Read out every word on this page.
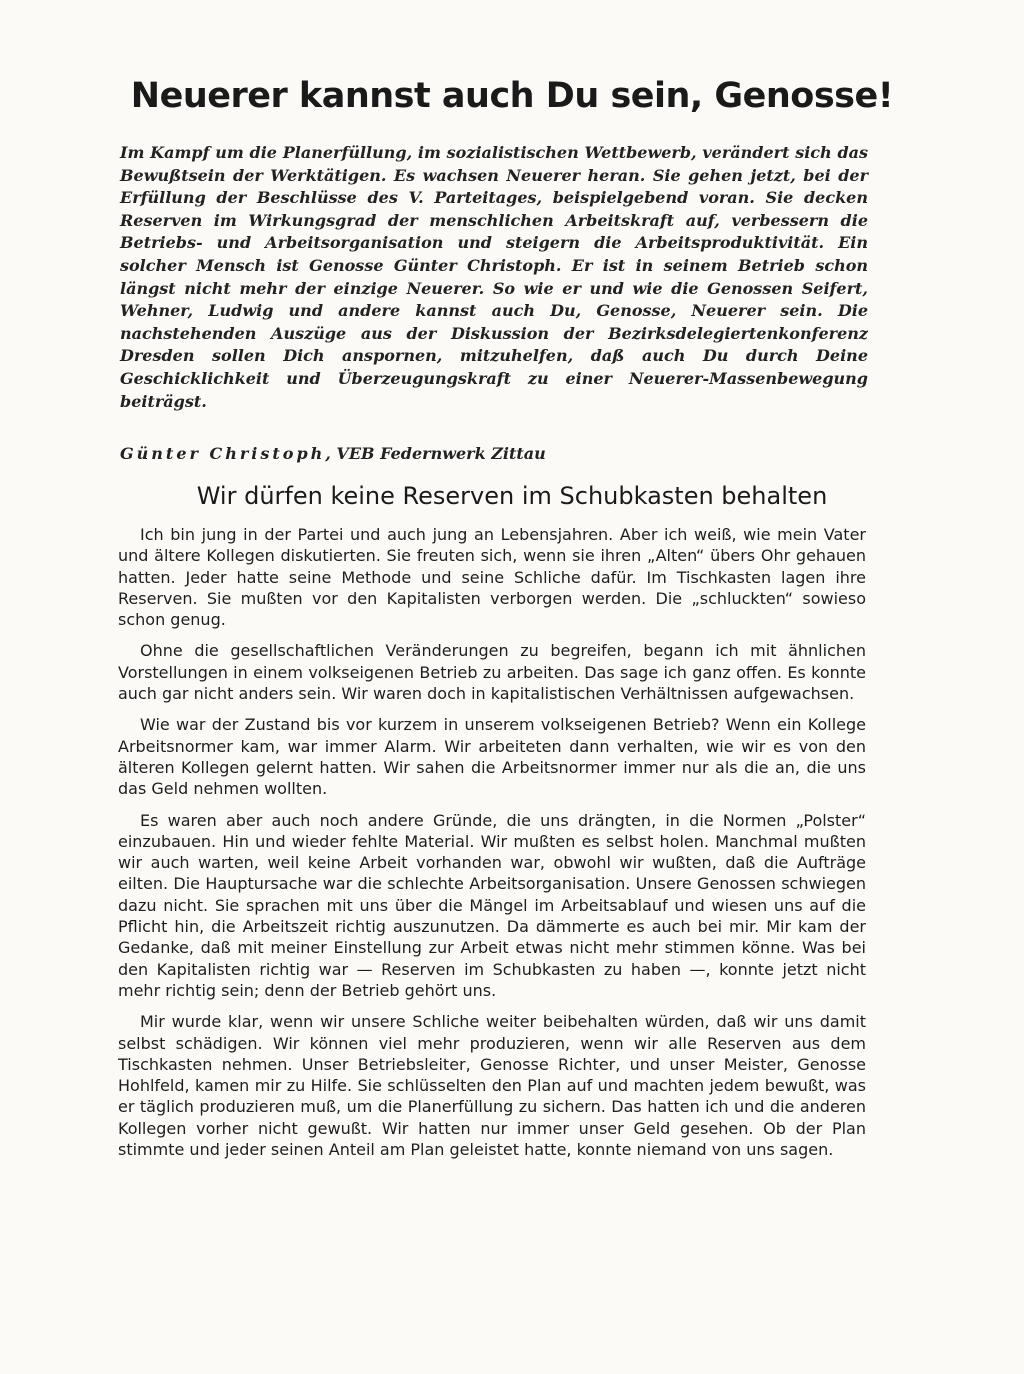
Neuerer kannst auch Du sein, Genosse!

Im Kampf um die Planerfüllung, im sozialistischen Wettbewerb, verändert sich das Bewußtsein der Werktätigen. Es wachsen Neuerer heran. Sie gehen jetzt, bei der Erfüllung der Beschlüsse des V. Parteitages, beispielgebend voran. Sie decken Reserven im Wirkungsgrad der menschlichen Arbeitskraft auf, verbessern die Betriebs- und Arbeitsorganisation und steigern die Arbeitsproduktivität. Ein solcher Mensch ist Genosse Günter Christoph. Er ist in seinem Betrieb schon längst nicht mehr der einzige Neuerer. So wie er und wie die Genossen Seifert, Wehner, Ludwig und andere kannst auch Du, Genosse, Neuerer sein. Die nachstehenden Auszüge aus der Diskussion der Bezirksdelegiertenkonferenz Dresden sollen Dich anspornen, mitzuhelfen, daß auch Du durch Deine Geschicklichkeit und Überzeugungskraft zu einer Neuerer-Massenbewegung beiträgst.

Günter Christoph, VEB Federnwerk Zittau

Wir dürfen keine Reserven im Schubkasten behalten

Ich bin jung in der Partei und auch jung an Lebensjahren. Aber ich weiß, wie mein Vater und ältere Kollegen diskutierten. Sie freuten sich, wenn sie ihren „Alten“ übers Ohr gehauen hatten. Jeder hatte seine Methode und seine Schliche dafür. Im Tischkasten lagen ihre Reserven. Sie mußten vor den Kapitalisten verborgen werden. Die „schluckten“ sowieso schon genug.

Ohne die gesellschaftlichen Veränderungen zu begreifen, begann ich mit ähnlichen Vorstellungen in einem volkseigenen Betrieb zu arbeiten. Das sage ich ganz offen. Es konnte auch gar nicht anders sein. Wir waren doch in kapitalistischen Verhältnissen aufgewachsen.

Wie war der Zustand bis vor kurzem in unserem volkseigenen Betrieb? Wenn ein Kollege Arbeitsnormer kam, war immer Alarm. Wir arbeiteten dann verhalten, wie wir es von den älteren Kollegen gelernt hatten. Wir sahen die Arbeitsnormer immer nur als die an, die uns das Geld nehmen wollten.

Es waren aber auch noch andere Gründe, die uns drängten, in die Normen „Polster“ einzubauen. Hin und wieder fehlte Material. Wir mußten es selbst holen. Manchmal mußten wir auch warten, weil keine Arbeit vorhanden war, obwohl wir wußten, daß die Aufträge eilten. Die Hauptursache war die schlechte Arbeitsorganisation. Unsere Genossen schwiegen dazu nicht. Sie sprachen mit uns über die Mängel im Arbeitsablauf und wiesen uns auf die Pflicht hin, die Arbeitszeit richtig auszunutzen. Da dämmerte es auch bei mir. Mir kam der Gedanke, daß mit meiner Einstellung zur Arbeit etwas nicht mehr stimmen könne. Was bei den Kapitalisten richtig war — Reserven im Schubkasten zu haben —, konnte jetzt nicht mehr richtig sein; denn der Betrieb gehört uns.

Mir wurde klar, wenn wir unsere Schliche weiter beibehalten würden, daß wir uns damit selbst schädigen. Wir können viel mehr produzieren, wenn wir alle Reserven aus dem Tischkasten nehmen. Unser Betriebsleiter, Genosse Richter, und unser Meister, Genosse Hohlfeld, kamen mir zu Hilfe. Sie schlüsselten den Plan auf und machten jedem bewußt, was er täglich produzieren muß, um die Planerfüllung zu sichern. Das hatten ich und die anderen Kollegen vorher nicht gewußt. Wir hatten nur immer unser Geld gesehen. Ob der Plan stimmte und jeder seinen Anteil am Plan geleistet hatte, konnte niemand von uns sagen.
